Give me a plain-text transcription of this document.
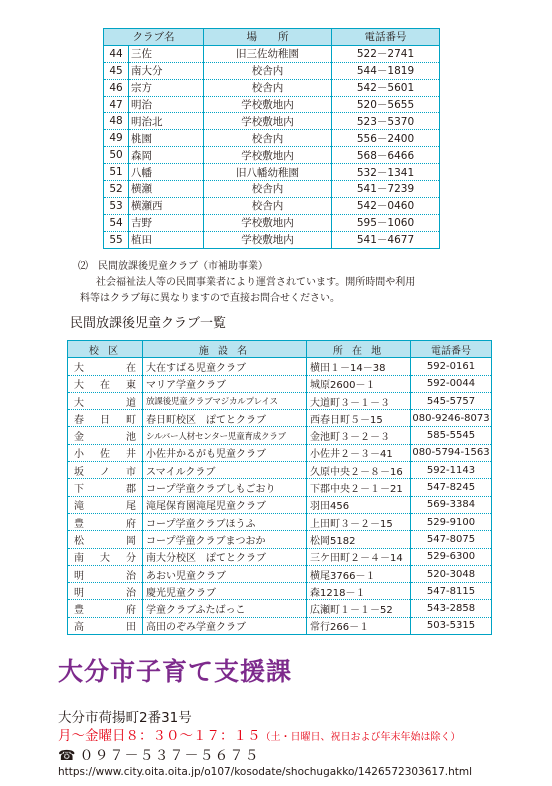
クラブ名		場　　所	電話番号
44	三佐	旧三佐幼稚園	522－2741
45	南大分	校舎内	544－1819
46	宗方	校舎内	542－5601
47	明治	学校敷地内	520－5655
48	明治北	学校敷地内	523－5370
49	桃園	校舎内	556－2400
50	森岡	学校敷地内	568－6466
51	八幡	旧八幡幼稚園	532－1341
52	横瀬	校舎内	541－7239
53	横瀬西	校舎内	542－0460
54	吉野	学校敷地内	595－1060
55	植田	学校敷地内	541－4677
⑵　民間放課後児童クラブ（市補助事業）
社会福祉法人等の民間事業者により運営されています。開所時間や利用
料等はクラブ毎に異なりますので直接お問合せください。
民間放課後児童クラブ一覧
校 区	施 設 名	所 在 地	電話番号
大在	大在すばる児童クラブ	横田１－14－38	592-0161
大在東	マリア学童クラブ	城原2600－１	592-0044
大道	放課後児童クラブマジカルプレイス	大道町３－１－３	545-5757
春日町	春日町校区　ぽてとクラブ	西春日町５－15	080-9246-8073
金池	シルバー人材センター児童育成クラブ	金池町３－２－３	585-5545
小佐井	小佐井かるがも児童クラブ	小佐井２－３－41	080-5794-1563
坂ノ市	スマイルクラブ	久原中央２－８－16	592-1143
下郡	コープ学童クラブしもごおり	下郡中央２－１－21	547-8245
滝尾	滝尾保育園滝尾児童クラブ	羽田456	569-3384
豊府	コープ学童クラブほうふ	上田町３－２－15	529-9100
松岡	コープ学童クラブまつおか	松岡5182	547-8075
南大分	南大分校区　ぽてとクラブ	三ケ田町２－４－14	529-6300
明治	あおい児童クラブ	横尾3766－１	520-3048
明治	慶光児童クラブ	森1218－１	547-8115
豊府	学童クラブふたばっこ	広瀬町１－１－52	543-2858
高田	高田のぞみ学童クラブ	常行266－１	503-5315
大分市子育て支援課
大分市荷揚町2番31号
月～金曜日８：３０～１７：１５（土・日曜日、祝日および年末年始は除く）
☎ ０９７－５３７－５６７５
https://www.city.oita.oita.jp/o107/kosodate/shochugakko/1426572303617.html
